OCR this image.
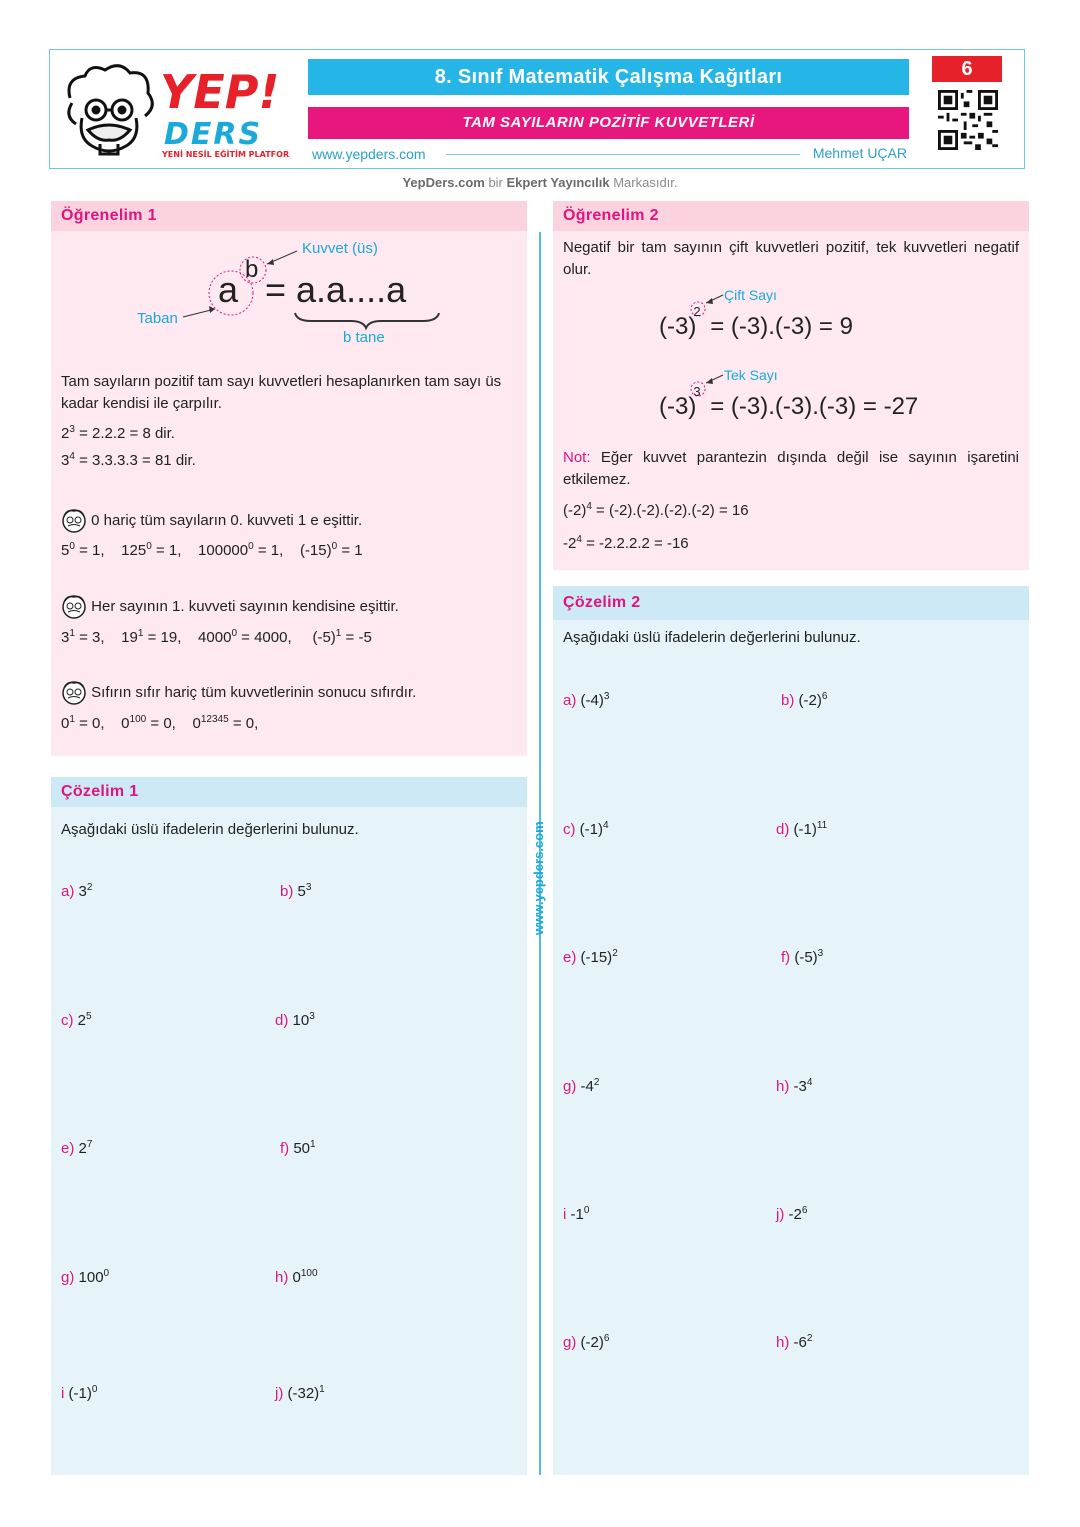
YEP!
DERS
YENİ NESİL EĞİTİM PLATFORMU
8. Sınıf Matematik Çalışma Kağıtları
TAM SAYILARIN POZİTİF KUVVETLERİ
www.yepders.com	Mehmet UÇAR
6
YepDers.com bir Ekpert Yayıncılık Markasıdır.
www.yepders.com
Öğrenelim 1
Kuvvet (üs)
Taban
b tane
a b = a.a....a
Tam sayıların pozitif tam sayı kuvvetleri hesaplanırken tam sayı üs kadar kendisi ile çarpılır.
$2^3 = 2.2.2 = 8$ dir.
$3^4 = 3.3.3.3 = 81$ dir.
0 hariç tüm sayıların 0. kuvveti 1 e eşittir.
$5^0 = 1$,    $125^0 = 1$,    $100000^0 = 1$,    $(-15)^0 = 1$
Her sayının 1. kuvveti sayının kendisine eşittir.
$3^1 = 3$,    $19^1 = 19$,    $4000^0 = 4000$,     $(-5)^1 = -5$
Sıfırın sıfır hariç tüm kuvvetlerinin sonucu sıfırdır.
$0^1 = 0$,    $0^{100} = 0$,    $0^{12345} = 0$,
Çözelim 1
Aşağıdaki üslü ifadelerin değerlerini bulunuz.
a) $3^2$	b) $5^3$
c) $2^5$	d) $10^3$
e) $2^7$	f) $50^1$
g) $100^0$	h) $0^{100}$
i $(-1)^0$	j) $(-32)^1$
Öğrenelim 2
Negatif bir tam sayının çift kuvvetleri pozitif, tek kuvvetleri negatif olur.
Çift Sayı
Tek Sayı
$(-3)^2 = (-3).(-3) = 9$
$(-3)^3 = (-3).(-3).(-3) = -27$
Not: Eğer kuvvet parantezin dışında değil ise sayının işaretini etkilemez.
$(-2)^4 = (-2).(-2).(-2).(-2) = 16$
$-2^4 = -2.2.2.2 = -16$
Çözelim 2
Aşağıdaki üslü ifadelerin değerlerini bulunuz.
a) $(-4)^3$	b) $(-2)^6$
c) $(-1)^4$	d) $(-1)^{11}$
e) $(-15)^2$	f) $(-5)^3$
g) $-4^2$	h) $-3^4$
i $-1^0$	j) $-2^6$
g) $(-2)^6$	h) $-6^2$
